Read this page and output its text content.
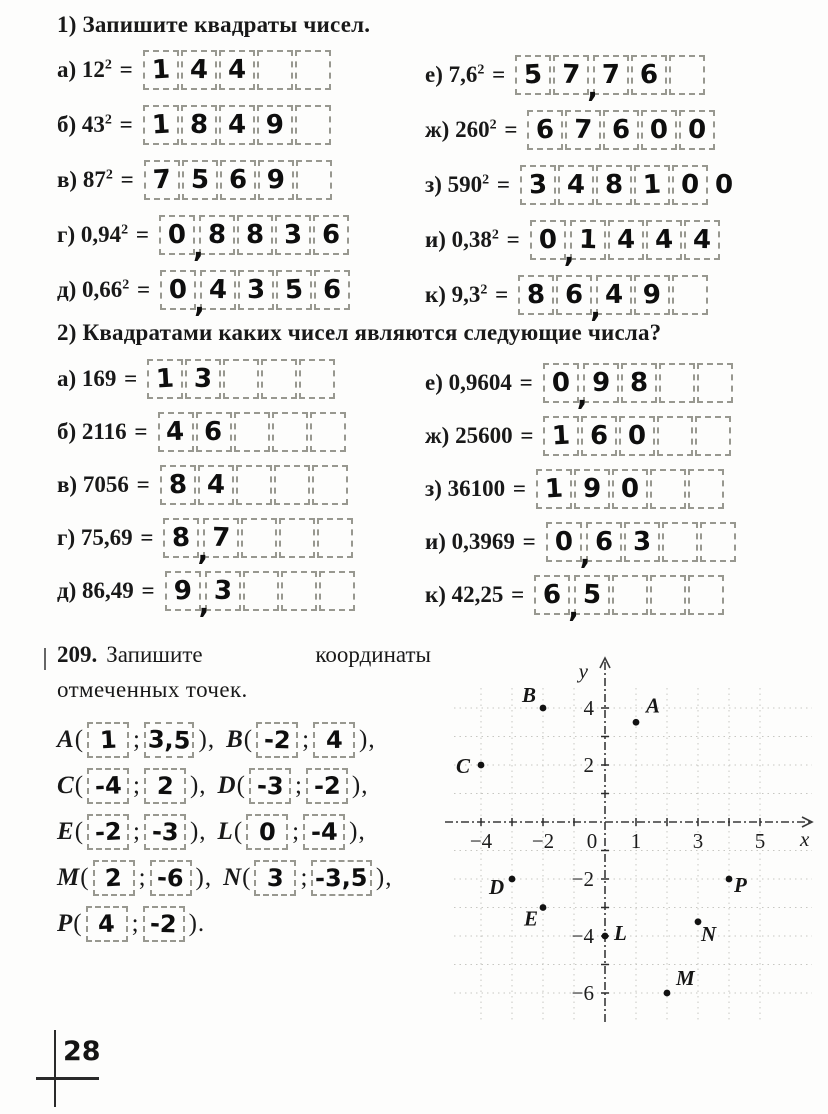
1) Запишите квадраты чисел.
а) $12^2 = 1$ 4 4
б) $43^2 = 1$ 8 4 9
в) $87^2 = 7$ 5 6 9
г) $0,94^2 = 0$ , 8 8 3 6
д) $0,66^2 = 0$ , 4 3 5 6
е) $7,6^2 = 5$ 7 , 7 6
ж) $260^2 = 6$ 7 6 0 0
з) $590^2 = 3$ 4 8 1 0 0
и) $0,38^2 = 0$ , 1 4 4 4
к) $9,3^2 = 8$ 6 , 4 9
2) Квадратами каких чисел являются следующие числа?
а) 169 = 1 3
б) 2116 = 4 6
в) 7056 = 8 4
г) 75,69 = 8 , 7
д) 86,49 = 9 , 3
е) 0,9604 = 0 , 9 8
ж) 25600 = 1 6 0
з) 36100 = 1 9 0
и) 0,3969 = 0 , 6 3
к) 42,25 = 6 , 5
209. Запишите	координаты
отмеченных точек.
A ( 1 ; 3,5 ) , B ( -2 ; 4 ) ,
C ( -4 ; 2 ) , D ( -3 ; -2 ) ,
E ( -2 ; -3 ) , L ( 0 ; -4 ) ,
M ( 2 ; -6 ) , N ( 3 ; -3,5 ) ,
P ( 4 ; -2 ) .
−4 −2 0 1 3 5
4
2
−2
−4
−6
x
y
A
B
C
D
E
L
M
N
P
28
